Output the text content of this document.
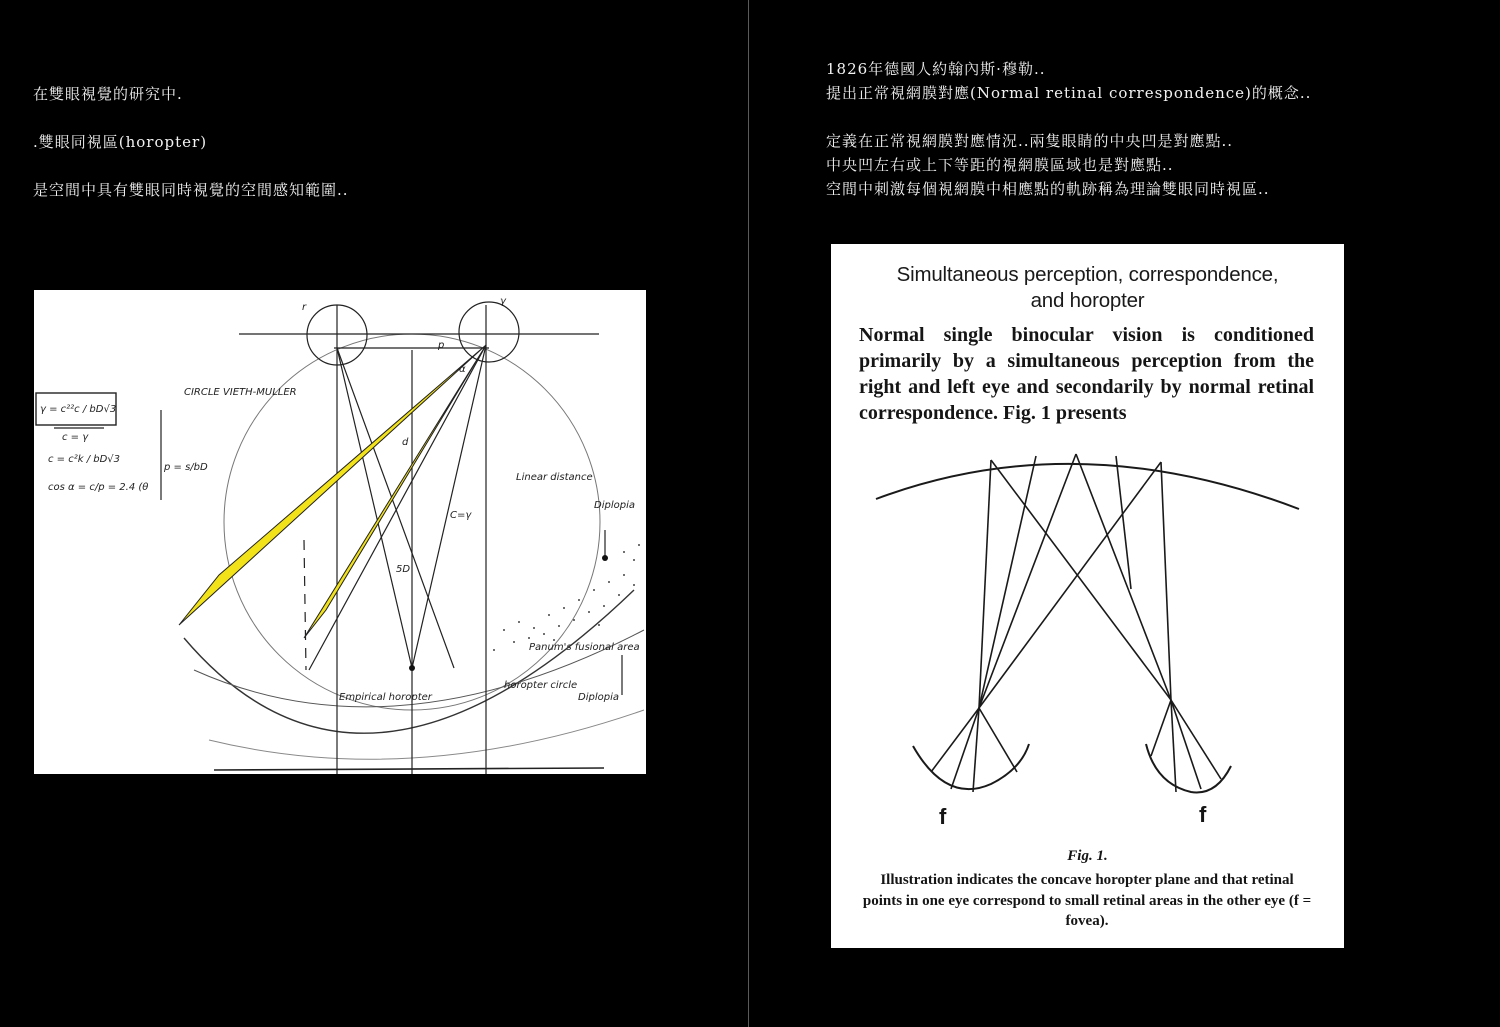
在雙眼視覺的研究中.

.雙眼同視區(horopter)

是空間中具有雙眼同時視覺的空間感知範圍..

1826年德國人約翰內斯·穆勒..

提出正常視網膜對應(Normal retinal correspondence)的概念..

定義在正常視網膜對應情況..兩隻眼睛的中央凹是對應點..

中央凹左右或上下等距的視網膜區域也是對應點..

空間中刺激每個視網膜中相應點的軌跡稱為理論雙眼同時視區..

γ = c²²c / bD√3
c = γ
c = c²k / bD√3
cos α = c/p = 2.4 (θ
p = s/bD
CIRCLE VIETH-MULLER
Linear distance
C=γ
d
Diplopia
Diplopia
Empirical horopter
horopter circle
Panum's fusional area
5D
r
γ
α
p
Simultaneous perception, correspondence,
and horopter
Normal single binocular vision is conditioned primarily by a simultaneous perception from the right and left eye and secondarily by normal retinal correspondence. Fig. 1 presents
f	f
Fig. 1.
Illustration indicates the concave horopter plane and that retinal points in one eye correspond to small retinal areas in the other eye (f = fovea).
